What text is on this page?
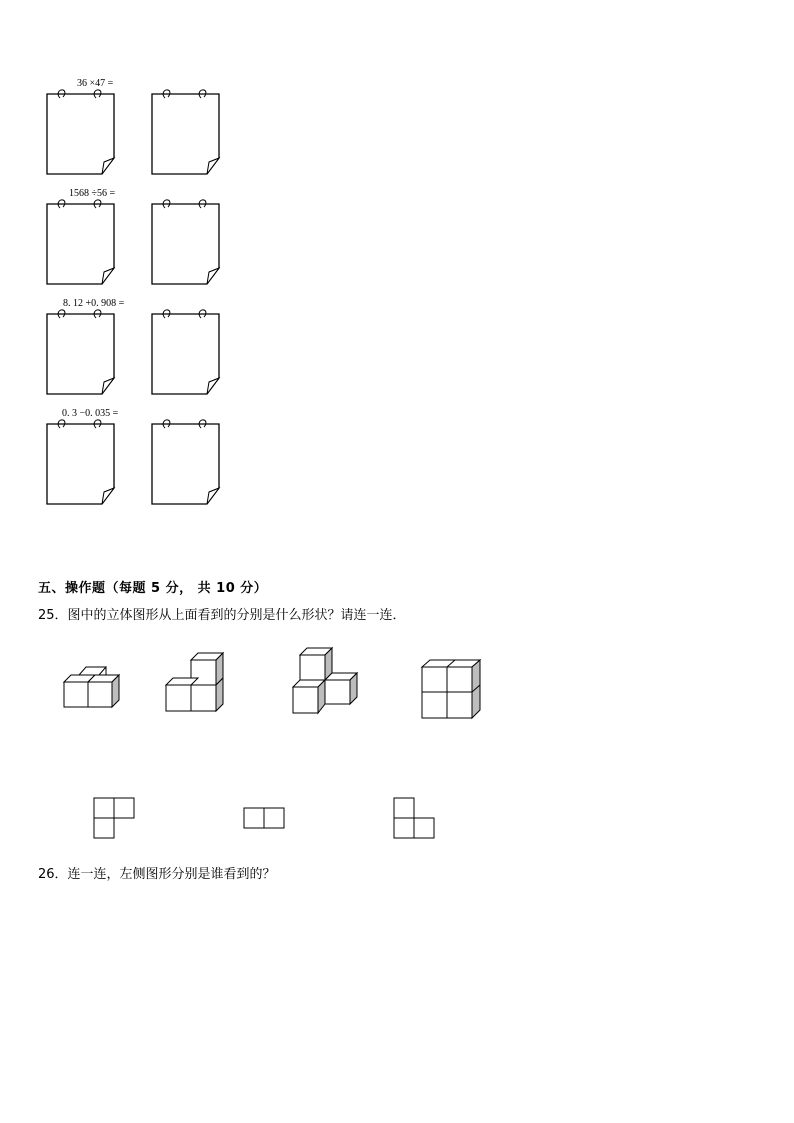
36 ×47 =
1568 ÷56 =
8. 12 +0. 908 =
0. 3 −0. 035 =
五、操作题（每题 5 分， 共 10 分）
25．图中的立体图形从上面看到的分别是什么形状？请连一连．
26．连一连，左侧图形分别是谁看到的？
